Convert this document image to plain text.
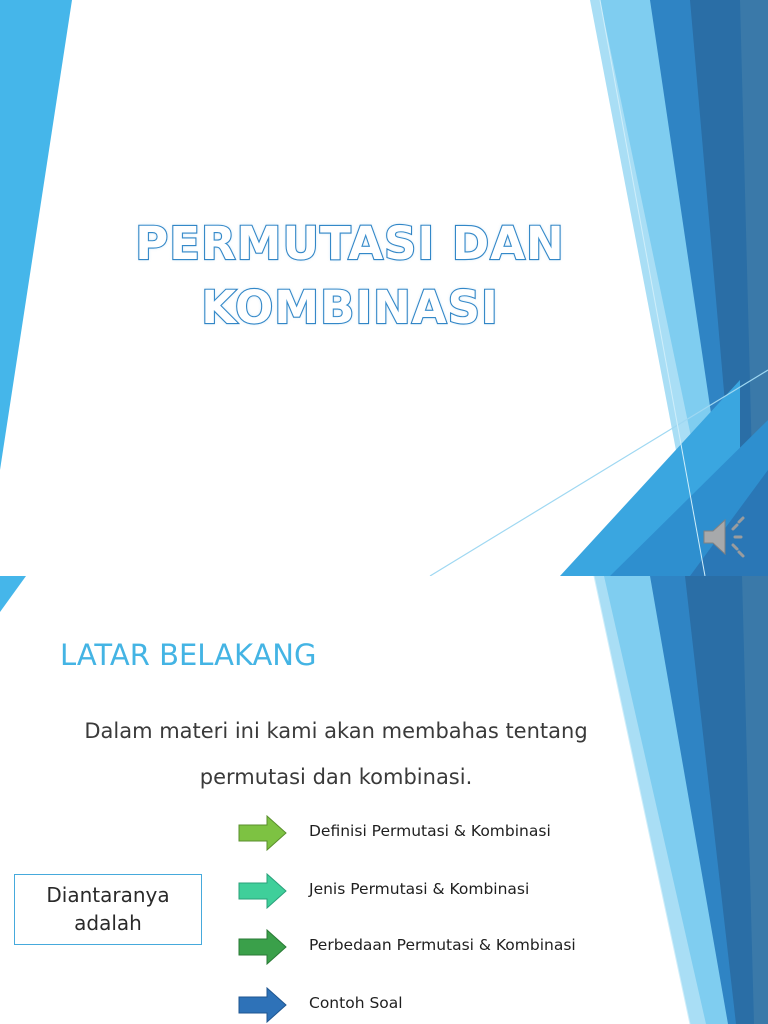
PERMUTASI DAN
KOMBINASI
LATAR BELAKANG

Dalam materi ini kami akan membahas tentang
permutasi dan kombinasi.

Diantaranya
adalah
Definisi Permutasi & Kombinasi
Jenis Permutasi & Kombinasi
Perbedaan Permutasi & Kombinasi
Contoh Soal
